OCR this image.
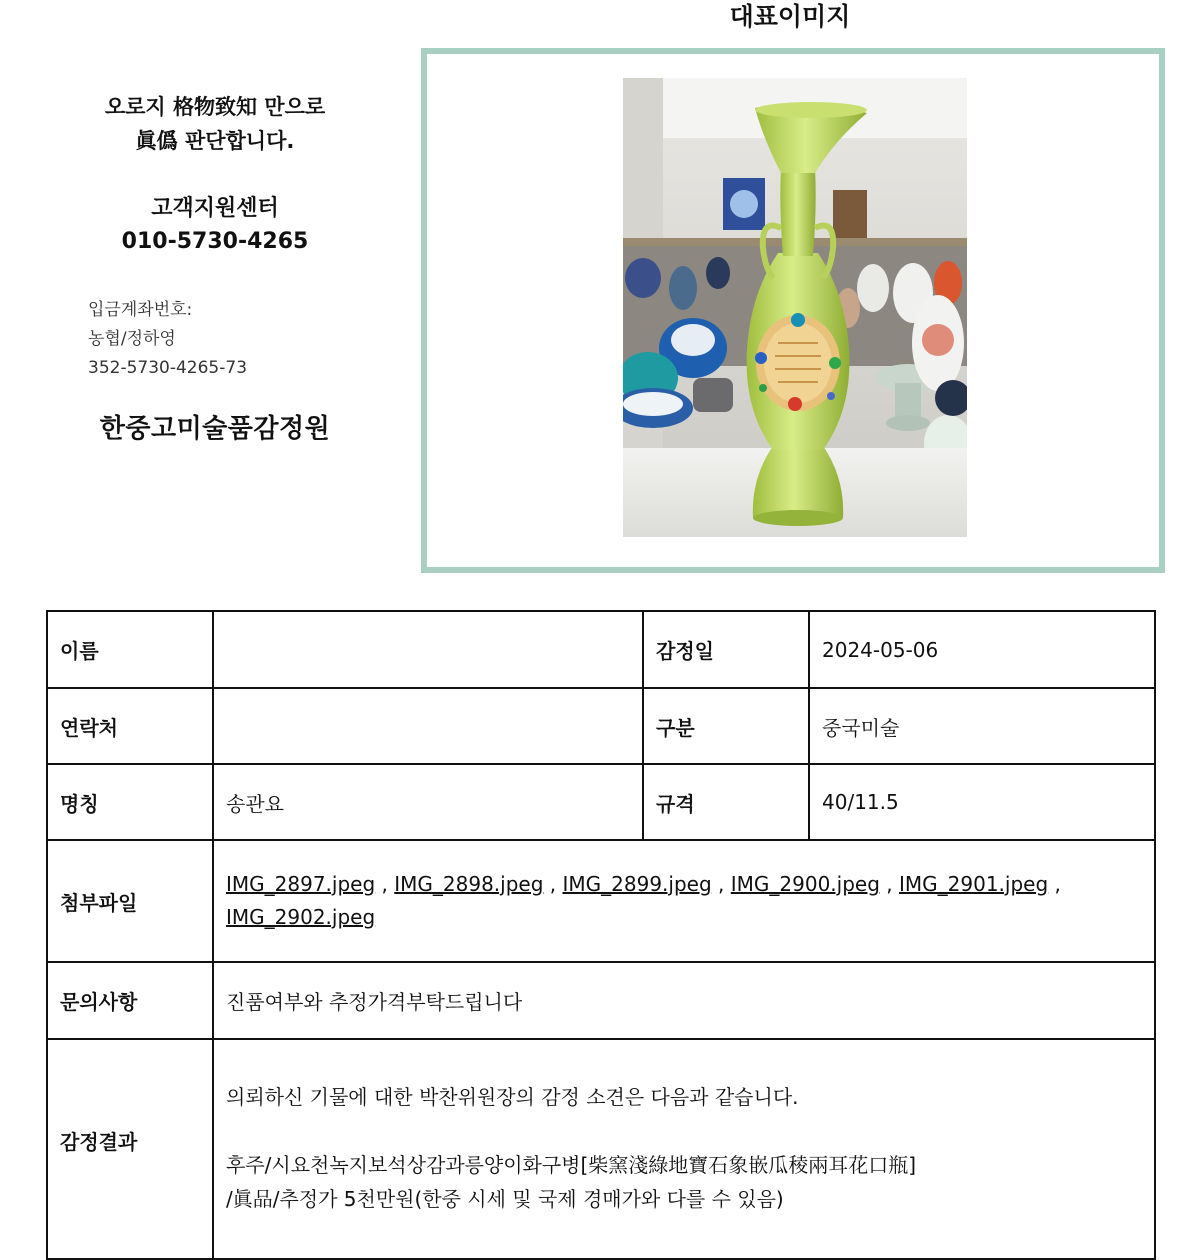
대표이미지
오로지 格物致知 만으로
眞僞 판단합니다.
고객지원센터
010-5730-4265
입금계좌번호:
농협/정하영
352-5730-4265-73
한중고미술품감정원
이름		감정일	2024-05-06
연락처		구분	중국미술
명칭	송관요	규격	40/11.5
첨부파일	IMG_2897.jpeg , IMG_2898.jpeg , IMG_2899.jpeg , IMG_2900.jpeg , IMG_2901.jpeg ,
IMG_2902.jpeg		
문의사항	진품여부와 추정가격부탁드립니다		
감정결과	의뢰하신 기물에 대한 박찬위원장의 감정 소견은 다음과 같습니다.
후주/시요천녹지보석상감과릉양이화구병[柴窯淺綠地寶石象嵌瓜稜兩耳花口瓶]
/眞品/추정가 5천만원(한중 시세 및 국제 경매가와 다를 수 있음)		
